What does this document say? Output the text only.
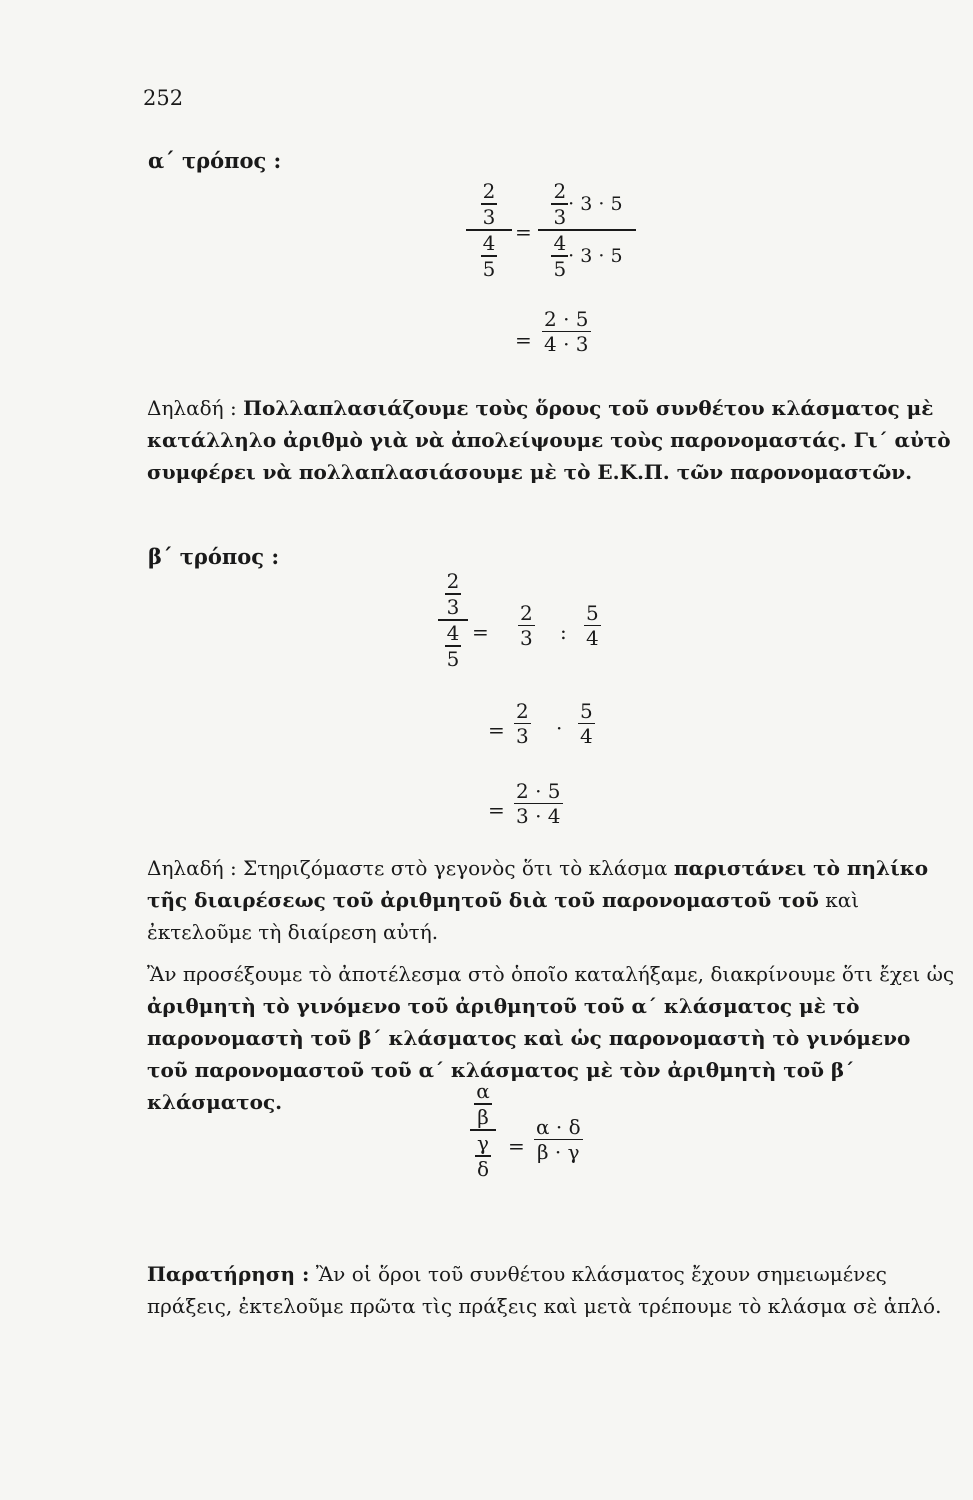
252
α΄ τρόπος :
$\frac{2}{3}$
$\frac{4}{5}$ =
$\frac{2}{3} \cdot 3 \cdot 5$
$\frac{4}{5} \cdot 3 \cdot 5$
=
2 · 5
4 · 3
Δηλαδή : Πολλαπλασιάζουμε τοὺς ὅρους τοῦ συνθέτου κλάσματος μὲ κατάλληλο ἀριθμὸ γιὰ νὰ ἀπολείψουμε τοὺς παρονομαστάς. Γι΄ αὐτὸ συμφέρει νὰ πολλαπλασιάσουμε μὲ τὸ Ε.Κ.Π. τῶν παρονομαστῶν.
β΄ τρόπος :
$\frac{2}{3}$
$\frac{4}{5}$ =
2
3 :
5
4
=
2
3 ·
5
4
=
2 · 5
3 · 4
Δηλαδή : Στηριζόμαστε στὸ γεγονὸς ὅτι τὸ κλάσμα παριστάνει τὸ πηλίκο τῆς διαιρέσεως τοῦ ἀριθμητοῦ διὰ τοῦ παρονομαστοῦ τοῦ καὶ ἐκτελοῦμε τὴ διαίρεση αὐτή.
Ἂν προσέξουμε τὸ ἀποτέλεσμα στὸ ὁποῖο καταλήξαμε, διακρίνουμε ὅτι ἔχει ὡς ἀριθμητὴ τὸ γινόμενο τοῦ ἀριθμητοῦ τοῦ α΄ κλάσματος μὲ τὸ παρονομαστὴ τοῦ β΄ κλάσματος καὶ ὡς παρονομαστὴ τὸ γινόμενο τοῦ παρονομαστοῦ τοῦ α΄ κλάσματος μὲ τὸν ἀριθμητὴ τοῦ β΄ κλάσματος.	$\frac{\alpha}{\beta}$
$\frac{\gamma}{\delta}$ =
α · δ
β · γ
Παρατήρηση : Ἂν οἱ ὅροι τοῦ συνθέτου κλάσματος ἔχουν σημειωμένες πράξεις, ἐκτελοῦμε πρῶτα τὶς πράξεις καὶ μετὰ τρέπουμε τὸ κλάσμα σὲ ἁπλό.
